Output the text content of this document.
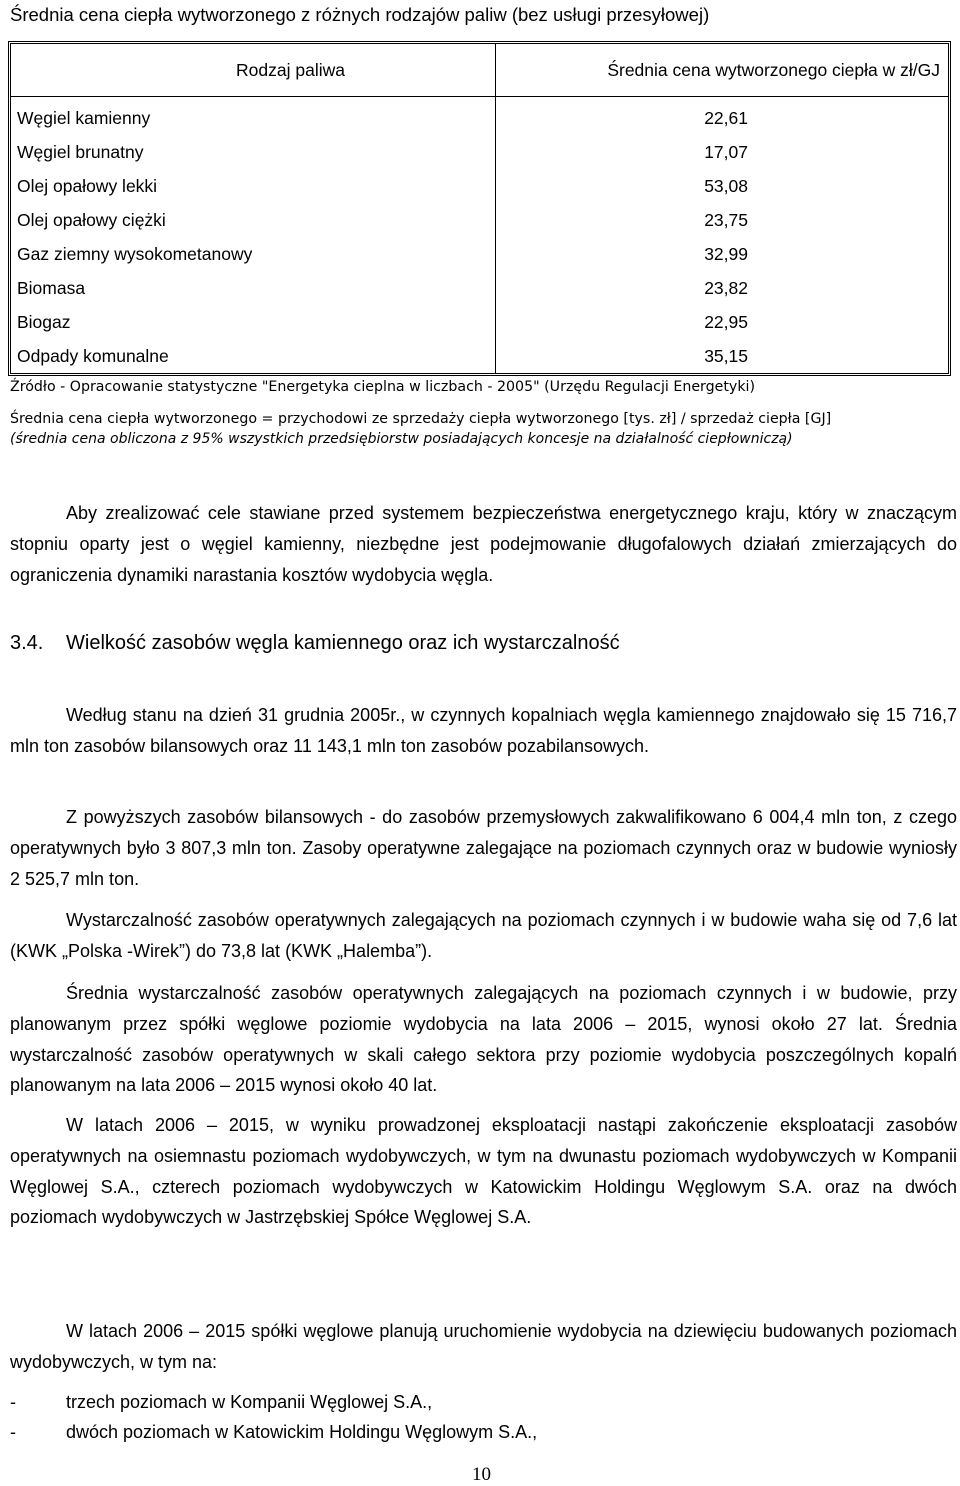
Średnia cena ciepła wytworzonego z różnych rodzajów paliw (bez usługi przesyłowej)
Rodzaj paliwa	Średnia cena wytworzonego ciepła w zł/GJ
Węgiel kamienny	22,61
Węgiel brunatny	17,07
Olej opałowy lekki	53,08
Olej opałowy ciężki	23,75
Gaz ziemny wysokometanowy	32,99
Biomasa	23,82
Biogaz	22,95
Odpady komunalne	35,15
Źródło - Opracowanie statystyczne "Energetyka cieplna w liczbach - 2005" (Urzędu Regulacji Energetyki)
Średnia cena ciepła wytworzonego = przychodowi ze sprzedaży ciepła wytworzonego [tys. zł] / sprzedaż ciepła [GJ]
(średnia cena obliczona z 95% wszystkich przedsiębiorstw posiadających koncesje na działalność ciepłowniczą)
Aby zrealizować cele stawiane przed systemem bezpieczeństwa energetycznego kraju, który w znaczącym stopniu oparty jest o węgiel kamienny, niezbędne jest podejmowanie długofalowych działań zmierzających do ograniczenia dynamiki narastania kosztów wydobycia węgla.
3.4. Wielkość zasobów węgla kamiennego oraz ich wystarczalność
Według stanu na dzień 31 grudnia 2005r., w czynnych kopalniach węgla kamiennego znajdowało się 15 716,7 mln ton zasobów bilansowych oraz 11 143,1 mln ton zasobów pozabilansowych.
Z powyższych zasobów bilansowych - do zasobów przemysłowych zakwalifikowano 6 004,4 mln ton, z czego operatywnych było 3 807,3 mln ton. Zasoby operatywne zalegające na poziomach czynnych oraz w budowie wyniosły 2 525,7 mln ton.
Wystarczalność zasobów operatywnych zalegających na poziomach czynnych i w budowie waha się od 7,6 lat (KWK „Polska -Wirek”) do 73,8 lat (KWK „Halemba”).
Średnia wystarczalność zasobów operatywnych zalegających na poziomach czynnych i w budowie, przy planowanym przez spółki węglowe poziomie wydobycia na lata 2006 – 2015, wynosi około 27 lat. Średnia wystarczalność zasobów operatywnych w skali całego sektora przy poziomie wydobycia poszczególnych kopalń planowanym na lata 2006 – 2015 wynosi około 40 lat.
W latach 2006 – 2015, w wyniku prowadzonej eksploatacji nastąpi zakończenie eksploatacji zasobów operatywnych na osiemnastu poziomach wydobywczych, w tym na dwunastu poziomach wydobywczych w Kompanii Węglowej S.A., czterech poziomach wydobywczych w Katowickim Holdingu Węglowym S.A. oraz na dwóch poziomach wydobywczych w Jastrzębskiej Spółce Węglowej S.A.
W latach 2006 – 2015 spółki węglowe planują uruchomienie wydobycia na dziewięciu budowanych poziomach wydobywczych, w tym na:
-	trzech poziomach w Kompanii Węglowej S.A.,
-	dwóch poziomach w Katowickim Holdingu Węglowym S.A.,
10
